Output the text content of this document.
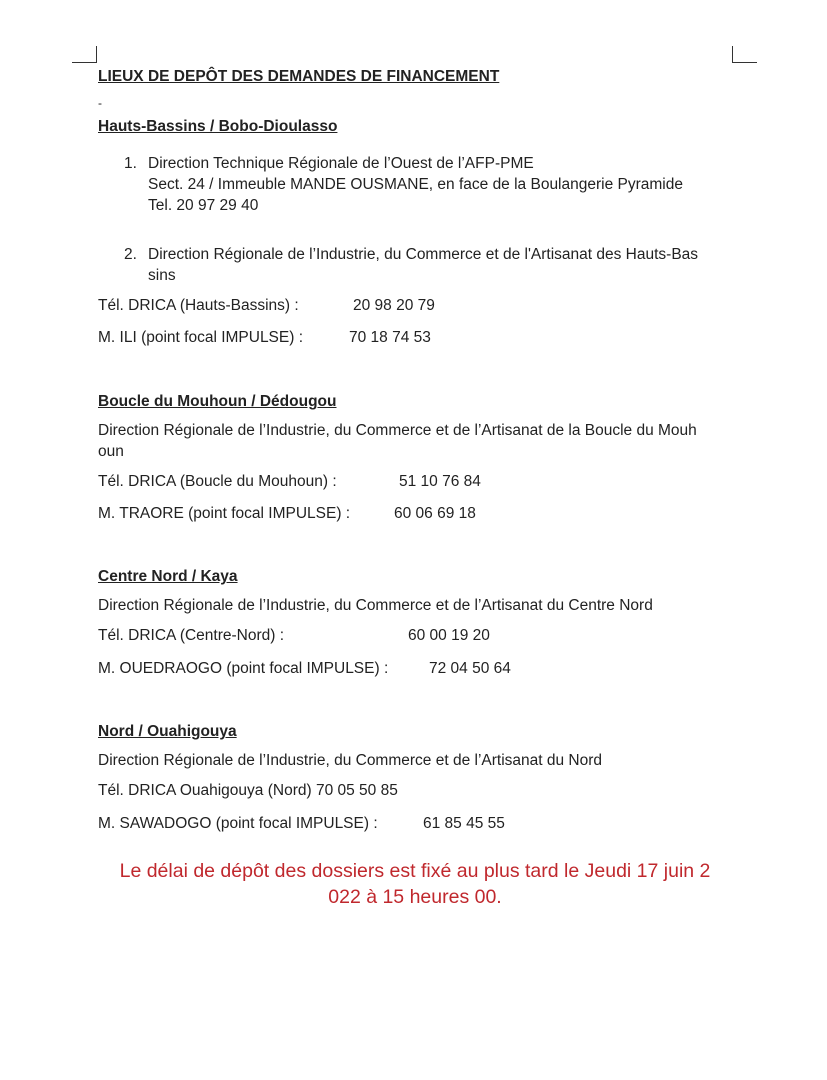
LIEUX DE DEPÔT DES DEMANDES DE FINANCEMENT
-
Hauts-Bassins / Bobo-Dioulasso
1. Direction Technique Régionale de l’Ouest de l’AFP-PME
Sect. 24 / Immeuble MANDE OUSMANE, en face de la Boulangerie Pyramide
Tel. 20 97 29 40
2. Direction Régionale de l’Industrie, du Commerce et de l'Artisanat des Hauts-Bas
sins
Tél. DRICA (Hauts-Bassins) :	20 98 20 79
M. ILI (point focal IMPULSE) :	70 18 74 53
Boucle du Mouhoun / Dédougou
Direction Régionale de l’Industrie, du Commerce et de l’Artisanat de la Boucle du Mouh
oun
Tél. DRICA (Boucle du Mouhoun) :	51 10 76 84
M. TRAORE (point focal IMPULSE) :	60 06 69 18
Centre Nord / Kaya
Direction Régionale de l’Industrie, du Commerce et de l’Artisanat du Centre Nord
Tél. DRICA (Centre-Nord) :	60 00 19 20
M. OUEDRAOGO (point focal IMPULSE) :	72 04 50 64
Nord / Ouahigouya
Direction Régionale de l’Industrie, du Commerce et de l’Artisanat du Nord
Tél. DRICA Ouahigouya (Nord) 70 05 50 85
M. SAWADOGO (point focal IMPULSE) :	61 85 45 55
Le délai de dépôt des dossiers est fixé au plus tard le Jeudi 17 juin 2
022 à 15 heures 00.
